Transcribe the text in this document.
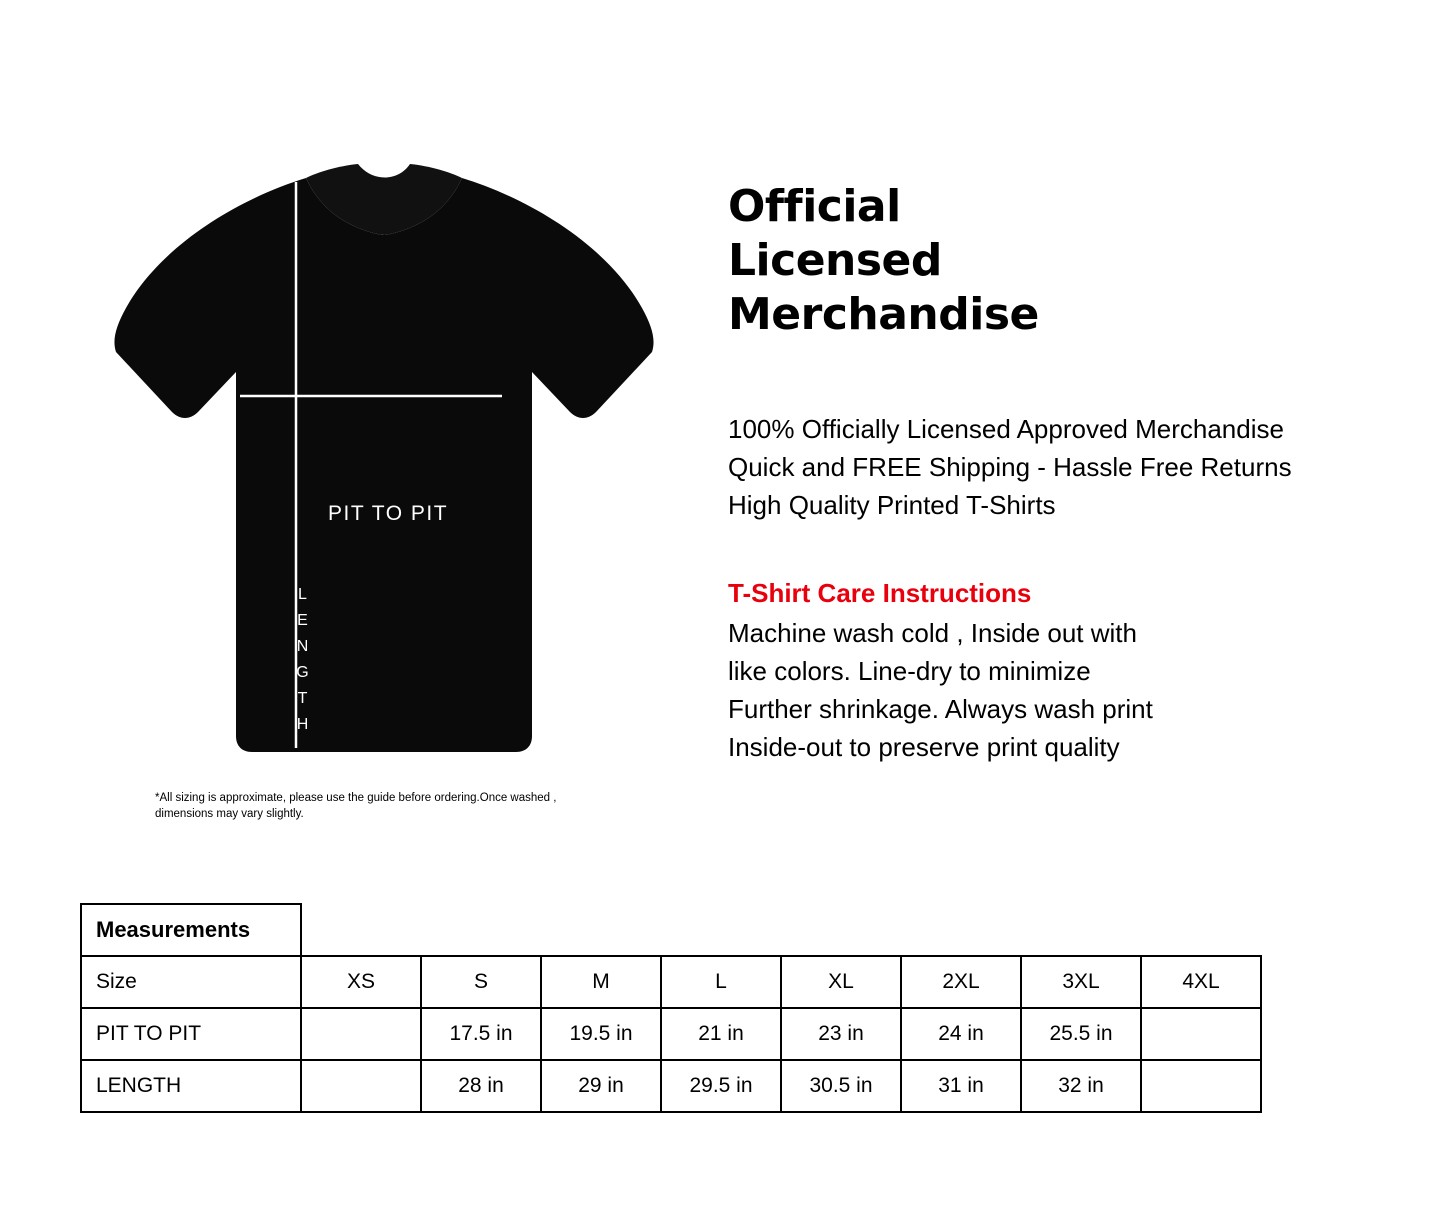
PIT TO PIT
L
E
N
G
T
H
*All sizing is approximate, please use the guide before ordering.Once washed , dimensions may vary slightly.
Official
Licensed
Merchandise
100% Officially Licensed Approved Merchandise
Quick and FREE Shipping - Hassle Free Returns
High Quality Printed T-Shirts
T-Shirt Care Instructions
Machine wash cold , Inside out with
like colors. Line-dry to minimize
Further shrinkage. Always wash print
Inside-out to preserve print quality
Measurements								
Size	XS	S	M	L	XL	2XL	3XL	4XL
PIT TO PIT		17.5 in	19.5 in	21 in	23 in	24 in	25.5 in	
LENGTH		28 in	29 in	29.5 in	30.5 in	31 in	32 in	
